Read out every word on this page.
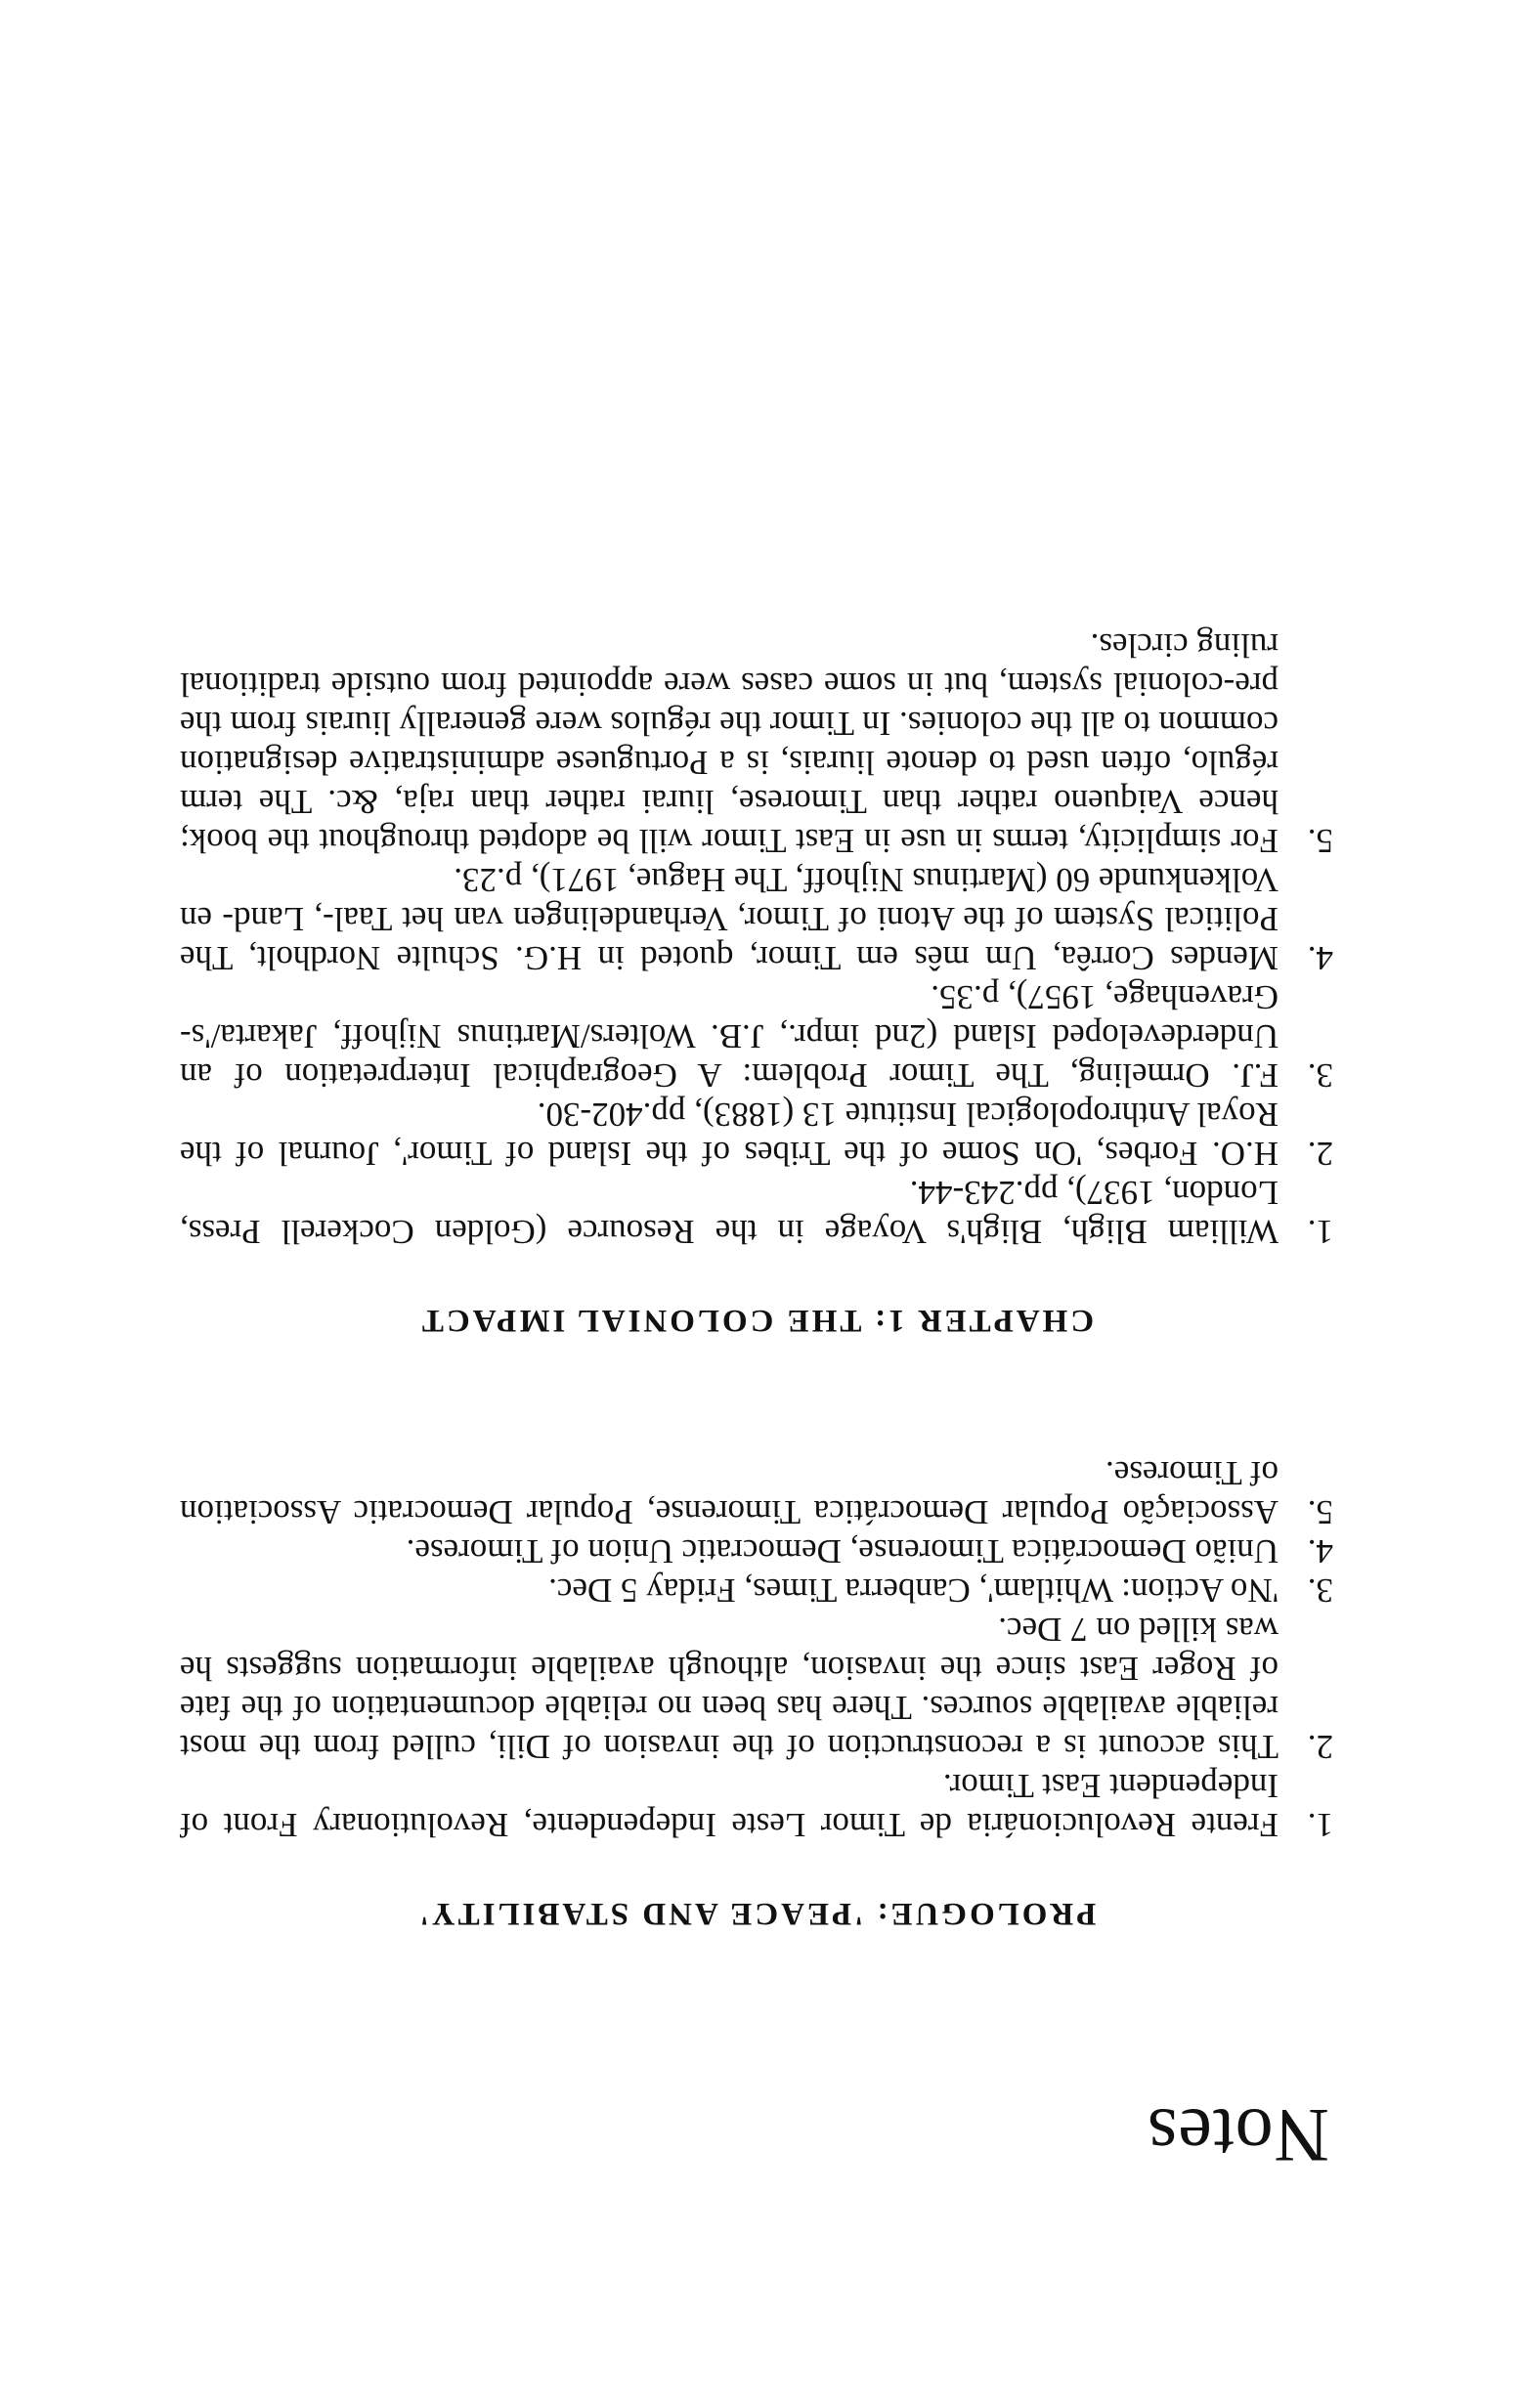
Notes
PROLOGUE: 'PEACE AND STABILITY'
1.
Frente Revolucionária de Timor Leste Independente, Revolutionary Front of Independent East Timor.
2.
This account is a reconstruction of the invasion of Dili, culled from the most reliable available sources. There has been no reliable documentation of the fate of Roger East since the invasion, although available information suggests he was killed on 7 Dec.
3.
'No Action: Whitlam', Canberra Times, Friday 5 Dec.
4.
União Democrática Timorense, Democratic Union of Timorese.
5.
Associação Popular Democrática Timorense, Popular Democratic Association of Timorese.
CHAPTER 1: THE COLONIAL IMPACT
1.
William Bligh, Bligh's Voyage in the Resource (Golden Cockerell Press, London, 1937), pp.243-44.
2.
H.O. Forbes, 'On Some of the Tribes of the Island of Timor', Journal of the Royal Anthropological Institute 13 (1883), pp.402-30.
3.
F.J. Ormeling, The Timor Problem: A Geographical Interpretation of an Underdeveloped Island (2nd impr., J.B. Wolters/Martinus Nijhoff, Jakarta/'s-Gravenhage, 1957), p.35.
4.
Mendes Corrêa, Um mês em Timor, quoted in H.G. Schulte Nordholt, The Political System of the Atoni of Timor, Verhandelingen van het Taal-, Land- en Volkenkunde 60 (Martinus Nijhoff, The Hague, 1971), p.23.
5.
For simplicity, terms in use in East Timor will be adopted throughout the book; hence Vaiqueno rather than Timorese, liurai rather than raja, &c. The term régulo, often used to denote liurais, is a Portuguese administrative designation common to all the colonies. In Timor the régulos were generally liurais from the pre-colonial system, but in some cases were appointed from outside traditional ruling circles.
